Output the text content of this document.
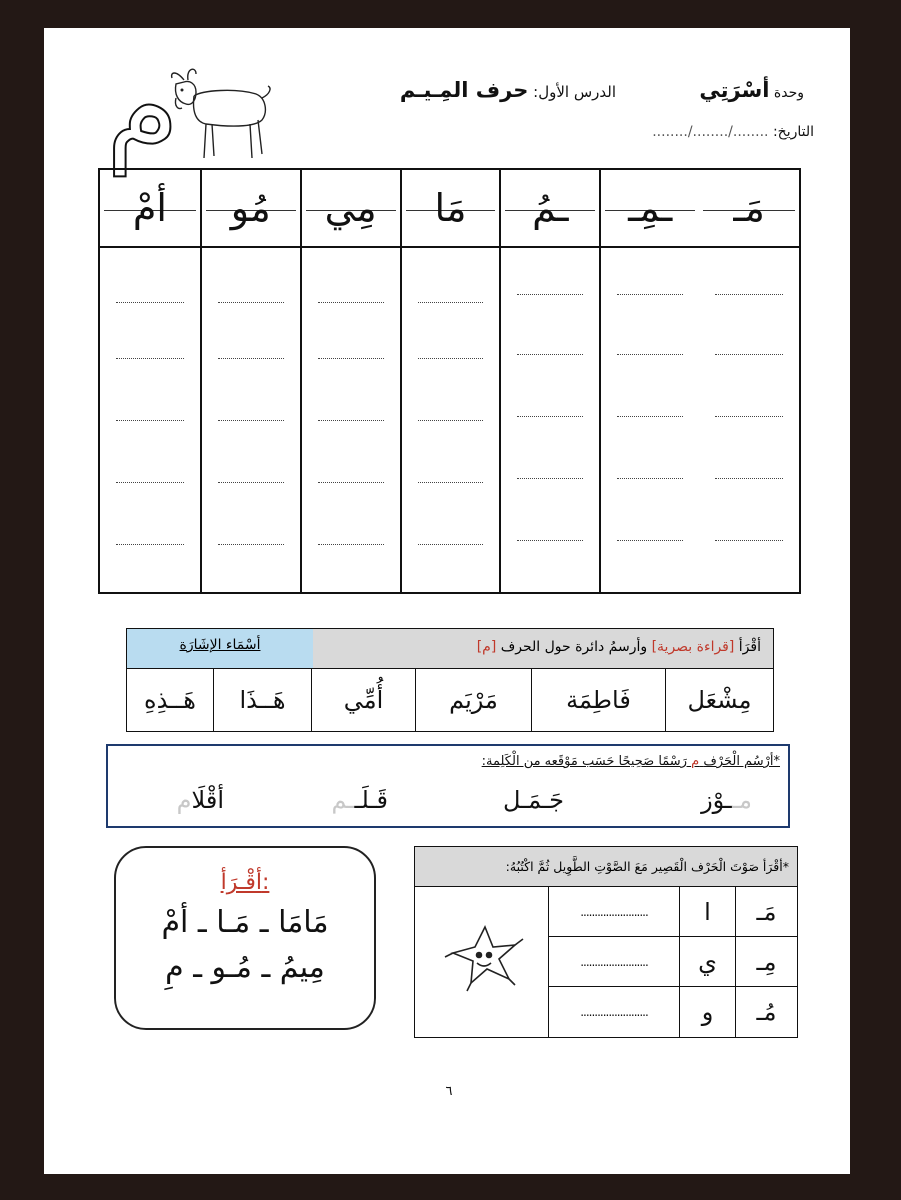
م	الدرس الأول: حرف المِـيـم	وحدة أسْرَتِي
التاريخ: ......../......../........
مَـ
ـمِـ
ـمُ
مَا
مِي
مُو
أمْ
أقْرَأ [قراءة بصرية] وأرسمُ دائرة حول الحرف [م]
أسْمَاء الإشَارَة
مِشْعَل
فَاطِمَة
مَرْيَم
أُمِّي
هَــذَا
هَــذِهِ
*أرْسُم الْحَرْف م رَسْمًا صَحِيحًا حَسَب مَوْقَعه من الْكَلِمة:
مــوْز
جَـمَـل
قَـلَــم
أقْلَام
أقْـرَأ:
مَامَا ـ مَـا ـ أمْ
مِيمُ ـ مُـو ـ مِ
*أقْرَأ صَوْتَ الْحَرْف الْقَصِير مَعَ الصَّوْتِ الطَّوِيل ثُمَّ اكْتُبُهُ:
مَـ
ا
........................
مِـ
ي
........................
مُـ
و
........................
٦
